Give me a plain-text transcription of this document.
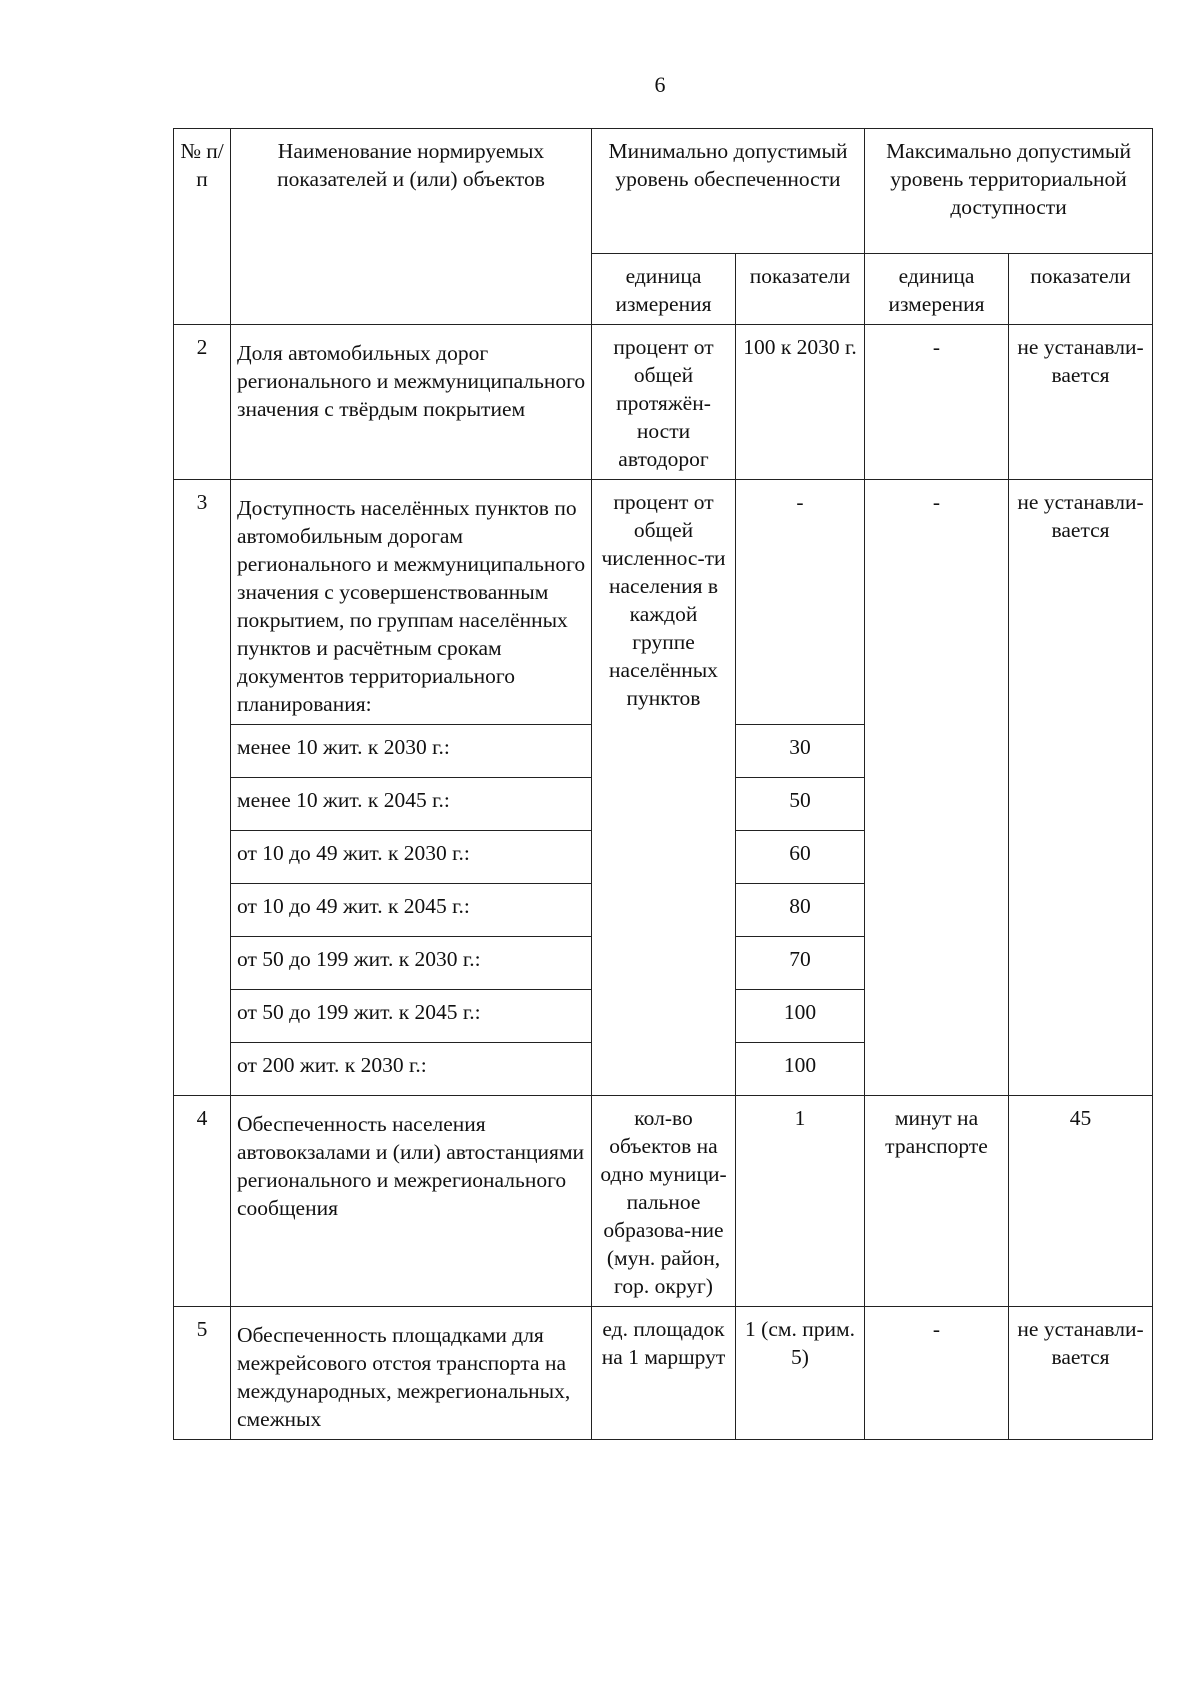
6
№ п/п	Наименование нормируемых показателей и (или) объектов	Минимально допустимый уровень обеспеченности		Максимально допустимый уровень территориальной доступности	
		единица измерения	показатели	единица измерения	показатели
2	Доля автомобильных дорог регионального и межмуниципального значения с твёрдым покрытием	процент от общей протяжён-ности автодорог	100 к 2030 г.	-	не устанавли-вается
3	Доступность населённых пунктов по автомобильным дорогам регионального и межмуниципального значения с усовершенствованным покрытием, по группам населённых пунктов и расчётным срокам документов территориального планирования:	процент от общей численнос-ти населения в каждой группе населённых пунктов	-	-	не устанавли-вается
	менее 10 жит. к 2030 г.:		30		
	менее 10 жит. к 2045 г.:		50		
	от 10 до 49 жит. к 2030 г.:		60		
	от 10 до 49 жит. к 2045 г.:		80		
	от 50 до 199 жит. к 2030 г.:		70		
	от 50 до 199 жит. к 2045 г.:		100		
	от 200 жит. к 2030 г.:		100		
4	Обеспеченность населения автовокзалами и (или) автостанциями регионального и межрегионального сообщения	кол-во объектов на одно муници-пальное образова-ние (мун. район, гор. округ)	1	минут на транспорте	45
5	Обеспеченность площадками для межрейсового отстоя транспорта на международных, межрегиональных, смежных	ед. площадок на 1 маршрут	1 (см. прим. 5)	-	не устанавли-вается
